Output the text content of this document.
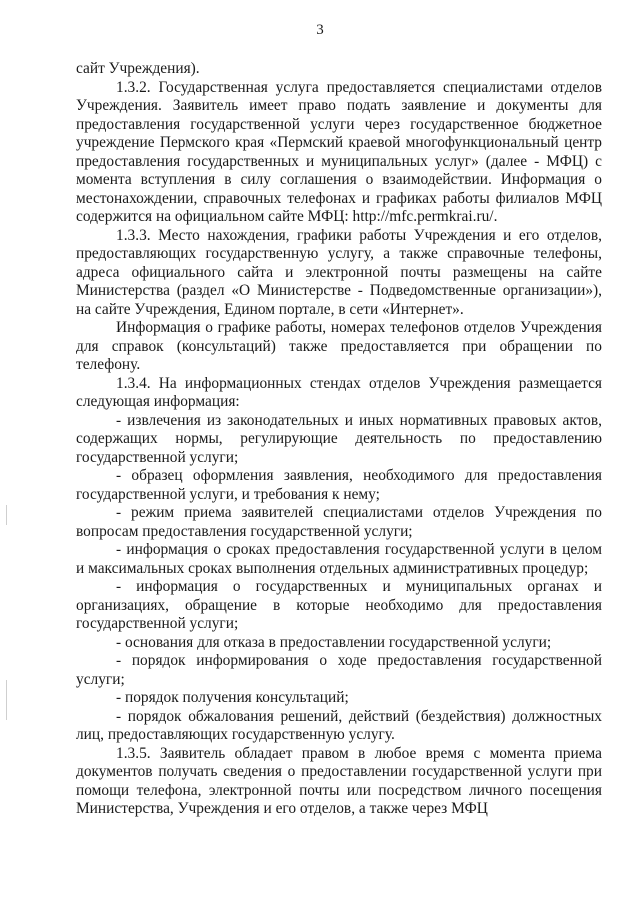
3

сайт Учреждения).

1.3.2. Государственная услуга предоставляется специалистами отделов Учреждения. Заявитель имеет право подать заявление и документы для предоставления государственной услуги через государственное бюджетное учреждение Пермского края «Пермский краевой многофункциональный центр предоставления государственных и муниципальных услуг» (далее - МФЦ) с момента вступления в силу соглашения о взаимодействии. Информация о местонахождении, справочных телефонах и графиках работы филиалов МФЦ содержится на официальном сайте МФЦ: http://mfc.permkrai.ru/.

1.3.3. Место нахождения, графики работы Учреждения и его отделов, предоставляющих государственную услугу, а также справочные телефоны, адреса официального сайта и электронной почты размещены на сайте Министерства (раздел «О Министерстве - Подведомственные организации»), на сайте Учреждения, Едином портале, в сети «Интернет».

Информация о графике работы, номерах телефонов отделов Учреждения для справок (консультаций) также предоставляется при обращении по телефону.

1.3.4. На информационных стендах отделов Учреждения размещается следующая информация:

- извлечения из законодательных и иных нормативных правовых актов, содержащих нормы, регулирующие деятельность по предоставлению государственной услуги;

- образец оформления заявления, необходимого для предоставления государственной услуги, и требования к нему;

- режим приема заявителей специалистами отделов Учреждения по вопросам предоставления государственной услуги;

- информация о сроках предоставления государственной услуги в целом и максимальных сроках выполнения отдельных административных процедур;

- информация о государственных и муниципальных органах и организациях, обращение в которые необходимо для предоставления государственной услуги;

- основания для отказа в предоставлении государственной услуги;

- порядок информирования о ходе предоставления государственной услуги;

- порядок получения консультаций;

- порядок обжалования решений, действий (бездействия) должностных лиц, предоставляющих государственную услугу.

1.3.5. Заявитель обладает правом в любое время с момента приема документов получать сведения о предоставлении государственной услуги при помощи телефона, электронной почты или посредством личного посещения Министерства, Учреждения и его отделов, а также через МФЦ
